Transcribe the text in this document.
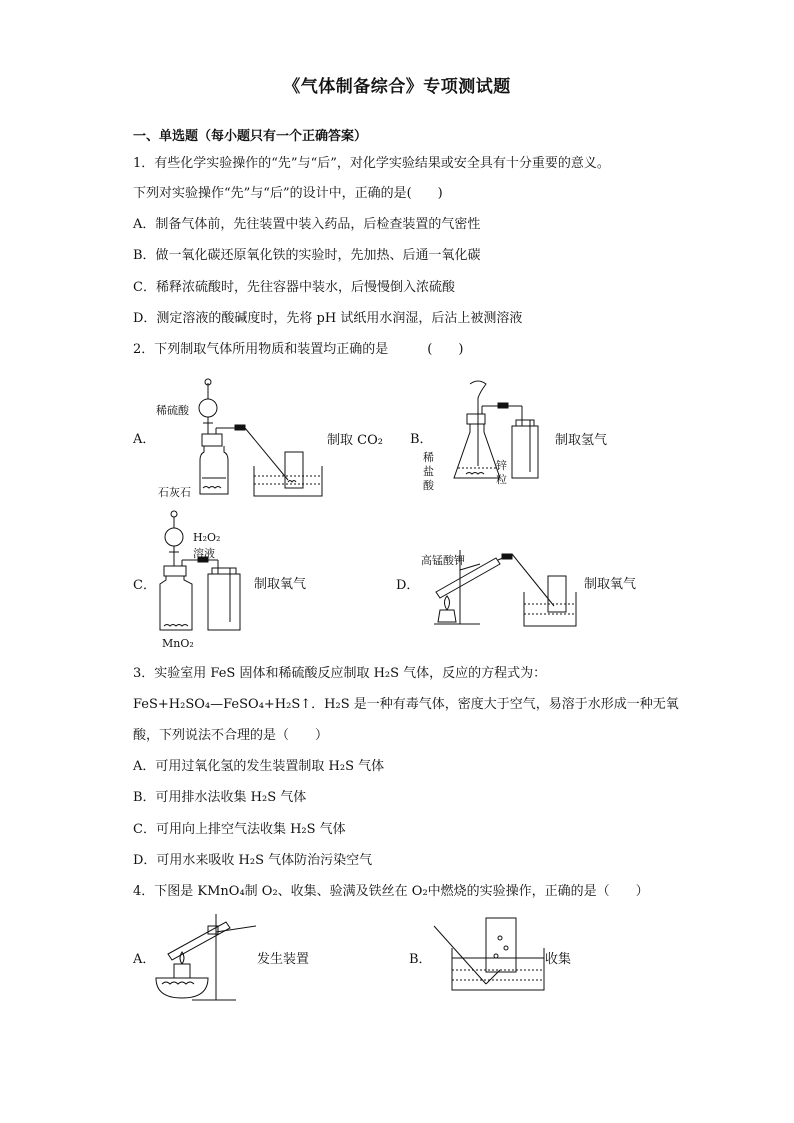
《气体制备综合》专项测试题
一、单选题（每小题只有一个正确答案）
1．有些化学实验操作的“先”与“后”，对化学实验结果或安全具有十分重要的意义。
下列对实验操作“先”与“后”的设计中，正确的是(　　)
A．制备气体前，先往装置中装入药品，后检查装置的气密性
B．做一氧化碳还原氧化铁的实验时，先加热、后通一氧化碳
C．稀释浓硫酸时，先往容器中装水，后慢慢倒入浓硫酸
D．测定溶液的酸碱度时，先将 pH 试纸用水润湿，后沾上被测溶液
2．下列制取气体所用物质和装置均正确的是　　　(　　)
A．
稀硫酸
石灰石
制取 CO₂ B．
稀
盐
酸
锌
粒
制取氢气
C．
H₂O₂
溶液
MnO₂
制取氧气	D．
高锰酸钾
制取氧气
3．实验室用 FeS 固体和稀硫酸反应制取 H₂S 气体，反应的方程式为：
FeS+H₂SO₄—FeSO₄+H₂S↑．H₂S 是一种有毒气体，密度大于空气，易溶于水形成一种无氧
酸，下列说法不合理的是（　　）
A．可用过氧化氢的发生装置制取 H₂S 气体
B．可用排水法收集 H₂S 气体
C．可用向上排空气法收集 H₂S 气体
D．可用水来吸收 H₂S 气体防治污染空气
4．下图是 KMnO₄制 O₂、收集、验满及铁丝在 O₂中燃烧的实验操作，正确的是（　　）
A．	发生装置	B．	收集
